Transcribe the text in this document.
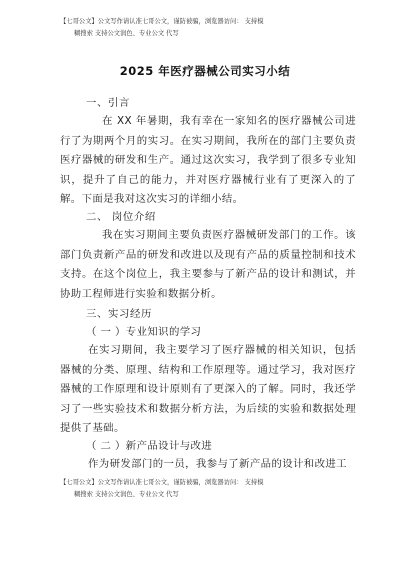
【七哥公文】公文写作请认准七哥公文，谨防被骗，浏览器访问： 支持模
糊搜索 支持公文润色、专业公文 代写
2025 年医疗器械公司实习小结
一、引言
在 XX 年暑期，我有幸在一家知名的医疗器械公司进行了为期两个月的实习。在实习期间，我所在的部门主要负责医疗器械的研发和生产。通过这次实习，我学到了很多专业知识，提升了自己的能力，并对医疗器械行业有了更深入的了解。下面是我对这次实习的详细小结。
二、 岗位介绍
我在实习期间主要负责医疗器械研发部门的工作。该部门负责新产品的研发和改进以及现有产品的质量控制和技术支持。在这个岗位上，我主要参与了新产品的设计和测试，并协助工程师进行实验和数据分析。
三、实习经历
（ 一 ）专业知识的学习
在实习期间，我主要学习了医疗器械的相关知识，包括器械的分类、原理、结构和工作原理等。通过学习，我对医疗器械的工作原理和设计原则有了更深入的了解。同时，我还学习了一些实验技术和数据分析方法，为后续的实验和数据处理提供了基础。
（ 二 ）新产品设计与改进
作为研发部门的一员，我参与了新产品的设计和改进工
【七哥公文】公文写作请认准七哥公文，谨防被骗，浏览器访问： 支持模
糊搜索 支持公文润色、专业公文 代写
